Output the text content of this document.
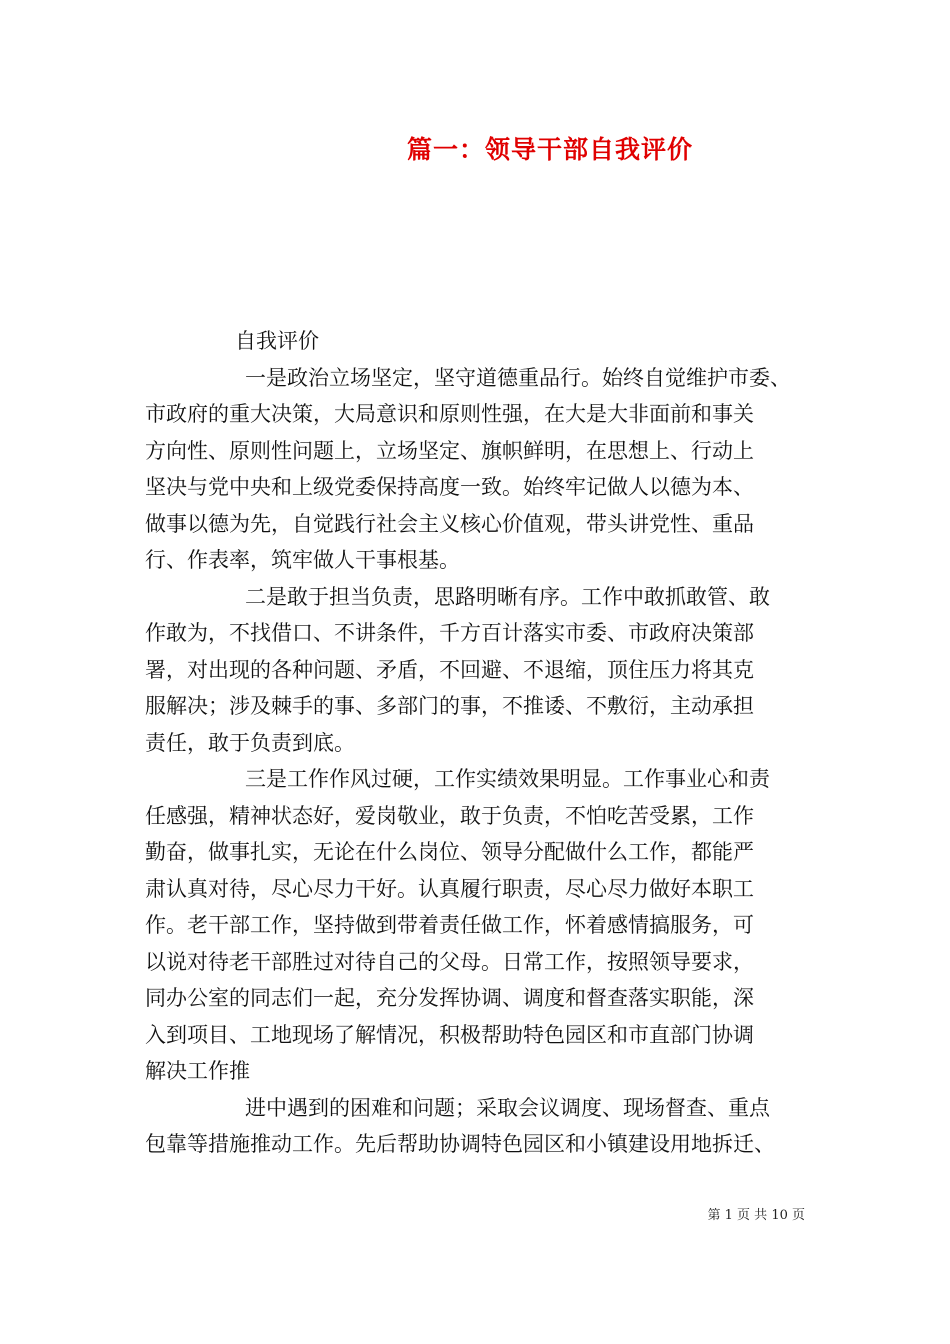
篇一：领导干部自我评价

自我评价

一是政治立场坚定，坚守道德重品行。始终自觉维护市委、

市政府的重大决策，大局意识和原则性强，在大是大非面前和事关

方向性、原则性问题上，立场坚定、旗帜鲜明，在思想上、行动上

坚决与党中央和上级党委保持高度一致。始终牢记做人以德为本、

做事以德为先，自觉践行社会主义核心价值观，带头讲党性、重品

行、作表率，筑牢做人干事根基。

二是敢于担当负责，思路明晰有序。工作中敢抓敢管、敢

作敢为，不找借口、不讲条件，千方百计落实市委、市政府决策部

署，对出现的各种问题、矛盾，不回避、不退缩，顶住压力将其克

服解决；涉及棘手的事、多部门的事，不推诿、不敷衍，主动承担

责任，敢于负责到底。

三是工作作风过硬，工作实绩效果明显。工作事业心和责

任感强，精神状态好，爱岗敬业，敢于负责，不怕吃苦受累，工作

勤奋，做事扎实，无论在什么岗位、领导分配做什么工作，都能严

肃认真对待，尽心尽力干好。认真履行职责，尽心尽力做好本职工

作。老干部工作，坚持做到带着责任做工作，怀着感情搞服务，可

以说对待老干部胜过对待自己的父母。日常工作，按照领导要求，

同办公室的同志们一起，充分发挥协调、调度和督查落实职能，深

入到项目、工地现场了解情况，积极帮助特色园区和市直部门协调

解决工作推

进中遇到的困难和问题；采取会议调度、现场督查、重点

包靠等措施推动工作。先后帮助协调特色园区和小镇建设用地拆迁、

第 1 页 共 10 页
